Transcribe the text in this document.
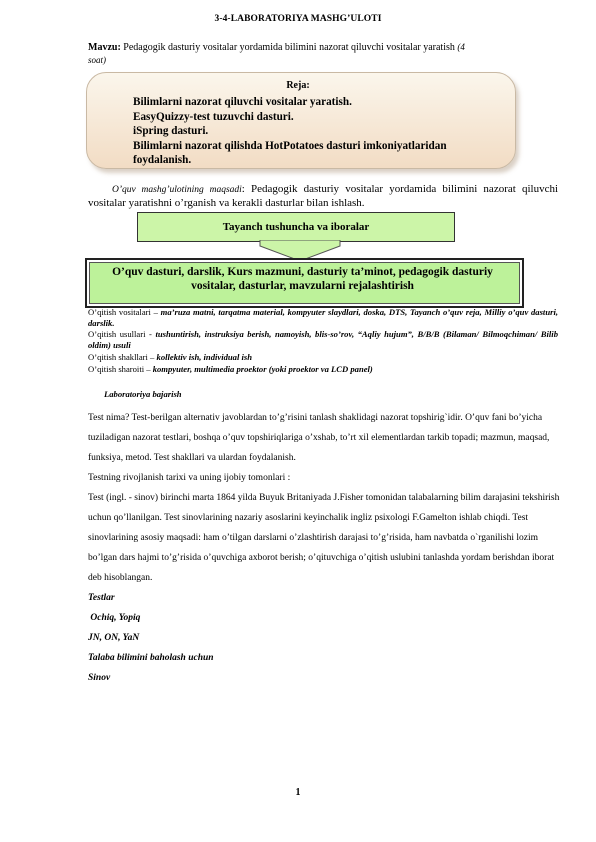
3-4-LABORATORIYA MASHG’ULOTI
Mavzu: Pedagogik dasturiy vositalar yordamida bilimini nazorat qiluvchi vositalar yaratish (4
soat)
Reja:
Bilimlarni nazorat qiluvchi vositalar yaratish.
EasyQuizzy-test tuzuvchi dasturi.
iSpring dasturi.
Bilimlarni nazorat qilishda HotPotatoes dasturi imkoniyatlaridan
foydalanish.
O’quv mashg’ulotining maqsadi: Pedagogik dasturiy vositalar yordamida bilimini nazorat qiluvchi vositalar yaratishni o’rganish va kerakli dasturlar bilan ishlash.
Tayanch tushuncha va iboralar
O’quv dasturi, darslik, Kurs mazmuni, dasturiy ta’minot, pedagogik dasturiy vositalar, dasturlar, mavzularni rejalashtirish
O’qitish vositalari – ma’ruza matni, tarqatma material, kompyuter slaydlari, doska, DTS, Tayanch o’quv reja, Milliy o’quv dasturi, darslik.
O’qitish usullari - tushuntirish, instruksiya berish, namoyish, blis-so’rov, “Aqliy hujum”, B/B/B (Bilaman/ Bilmoqchiman/ Bilib oldim) usuli
O’qitish shakllari – kollektiv ish, individual ish
O’qitish sharoiti – kompyuter, multimedia proektor (yoki proektor va LCD panel)
Laboratoriya bajarish

Test nima? Test-berilgan alternativ javoblardan to’g’risini tanlash shaklidagi nazorat topshirig`idir. O’quv fani bo’yicha tuziladigan nazorat testlari, boshqa o’quv topshiriqlariga o’xshab, to’rt xil elementlardan tarkib topadi; mazmun, maqsad, funksiya, metod. Test shakllari va ulardan foydalanish.

Testning rivojlanish tarixi va uning ijobiy tomonlari :

Test (ingl. - sinov) birinchi marta 1864 yilda Buyuk Britaniyada J.Fisher tomonidan talabalarning bilim darajasini tekshirish uchun qo’llanilgan. Test sinovlarining nazariy asoslarini keyinchalik ingliz psixologi F.Gamelton ishlab chiqdi. Test sinovlarining asosiy maqsadi: ham o’tilgan darslarni o’zlashtirish darajasi to’g’risida, ham navbatda o`rganilishi lozim bo’lgan dars hajmi to’g’risida o’quvchiga axborot berish; o’qituvchiga o’qitish uslubini tanlashda yordam berishdan iborat deb hisoblangan.

Testlar

Ochiq, Yopiq

JN, ON, YaN

Talaba bilimini baholash uchun

Sinov

1
